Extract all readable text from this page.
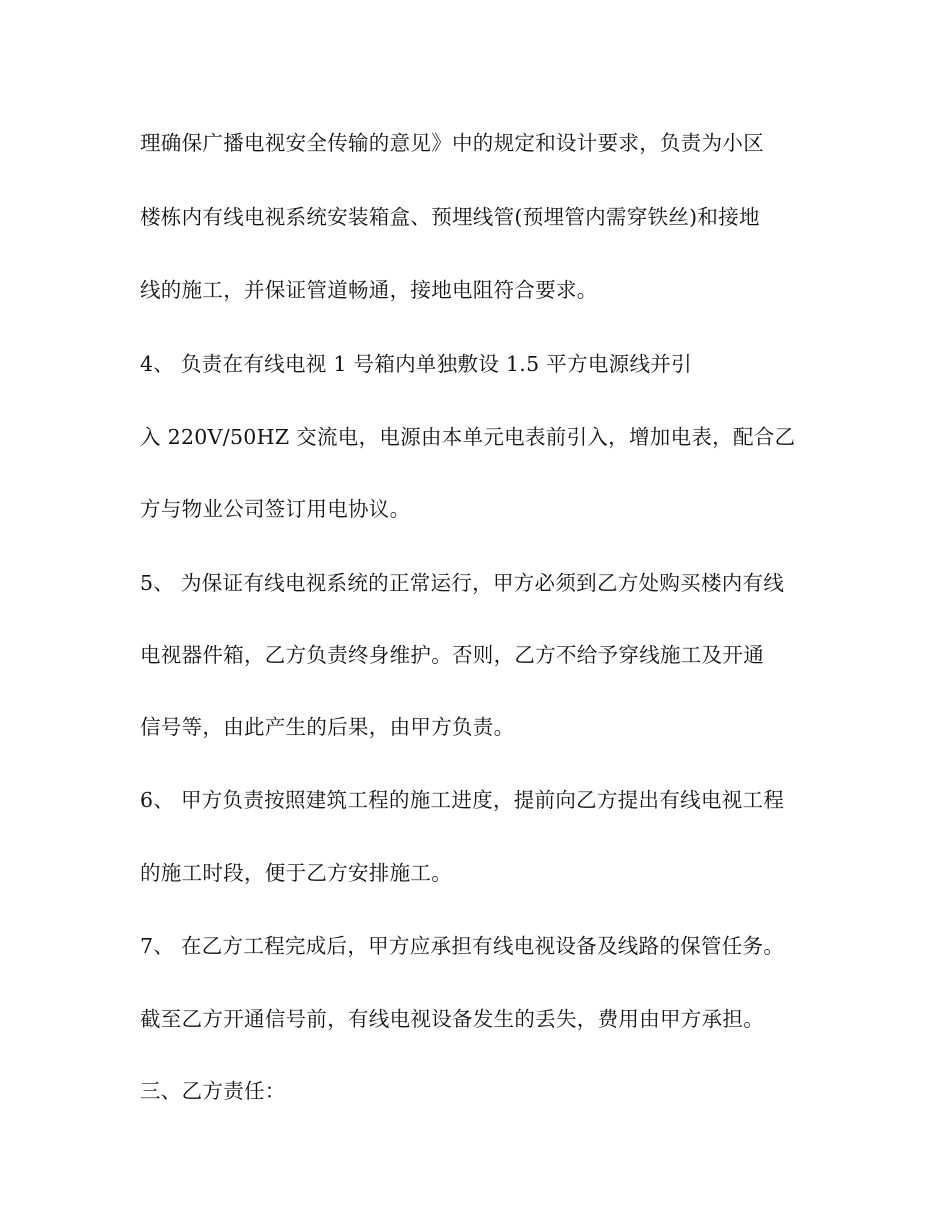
理确保广播电视安全传输的意见》中的规定和设计要求，负责为小区
楼栋内有线电视系统安装箱盒、预埋线管(预埋管内需穿铁丝)和接地
线的施工，并保证管道畅通，接地电阻符合要求。
4、 负责在有线电视 1 号箱内单独敷设 1.5 平方电源线并引
入 220V/50HZ 交流电，电源由本单元电表前引入，增加电表，配合乙
方与物业公司签订用电协议。
5、 为保证有线电视系统的正常运行，甲方必须到乙方处购买楼内有线
电视器件箱，乙方负责终身维护。否则，乙方不给予穿线施工及开通
信号等，由此产生的后果，由甲方负责。
6、 甲方负责按照建筑工程的施工进度，提前向乙方提出有线电视工程
的施工时段，便于乙方安排施工。
7、 在乙方工程完成后，甲方应承担有线电视设备及线路的保管任务。
截至乙方开通信号前，有线电视设备发生的丢失，费用由甲方承担。
三、乙方责任：
